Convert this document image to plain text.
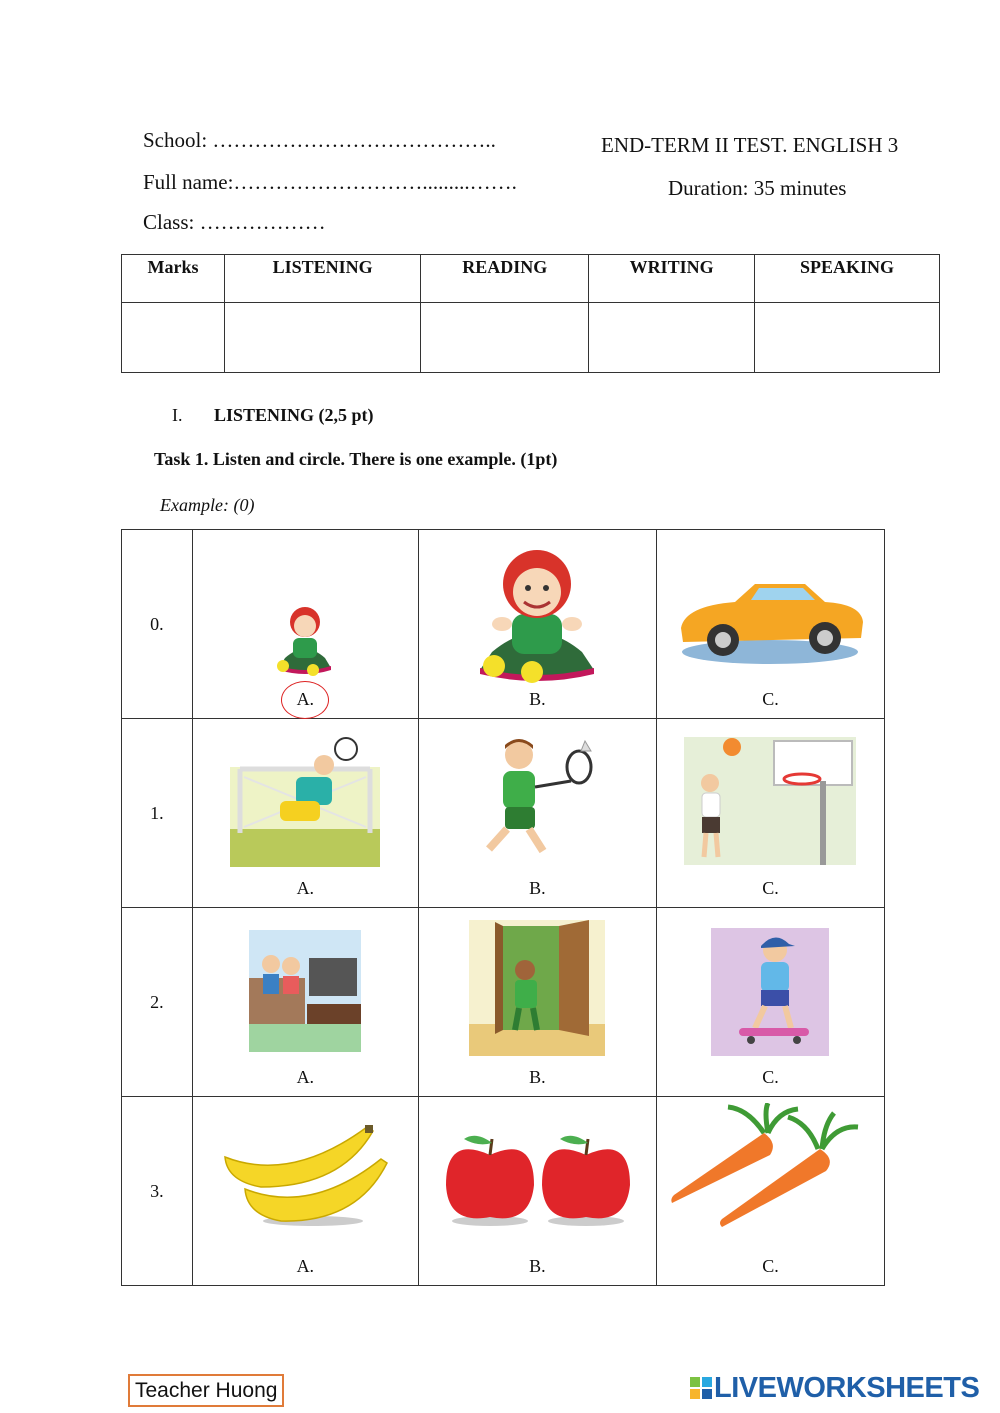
School: …………………………………..
Full name:……………………….........…….
Class: ………………
END-TERM II TEST. ENGLISH 3
Duration: 35 minutes
Marks	LISTENING	READING	WRITING	SPEAKING

I. LISTENING (2,5 pt)
Task 1. Listen and circle. There is one example. (1pt)
Example: (0)
0.	A.	B.	C.

1.	A.	B.	C.

2.	A.	B.	C.

3.	A.	B.	C.
Teacher Huong	LIVEWORKSHEETS
